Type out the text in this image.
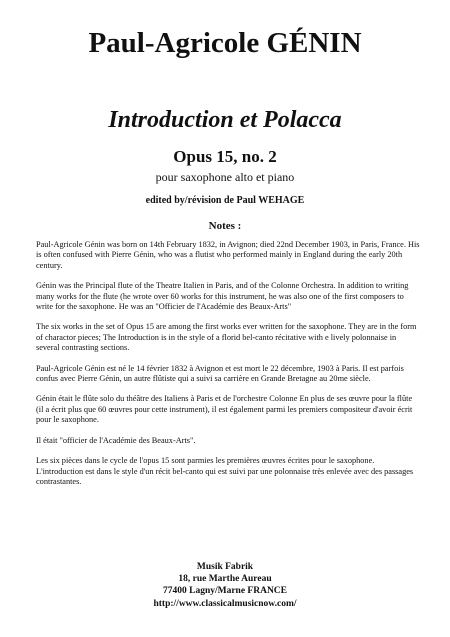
Paul-Agricole GÉNIN
Introduction et Polacca
Opus 15, no. 2
pour saxophone alto et piano
edited by/révision de Paul WEHAGE
Notes :

Paul-Agricole Génin was born on 14th February 1832, in Avignon; died 22nd December 1903, in Paris, France. His is often confused with Pierre Génin, who was a flutist who performed mainly in England during the early 20th century.

Génin was the Principal flute of the Theatre Italien in Paris, and of the Colonne Orchestra. In addition to writing many works for the flute (he wrote over 60 works for this instrument, he was also one of the first composers to write for the saxophone. He was an "Officier de l'Académie des Beaux-Arts"

The six works in the set of Opus 15 are among the first works ever written for the saxophone. They are in the form of charactor pieces; The Introduction is in the style of a florid bel-canto récitative with e lively polonnaise in several contrasting sections.

Paul-Agricole Génin est né le 14 février 1832 à Avignon et est mort le 22 décembre, 1903 à Paris. Il est parfois confus avec Pierre Génin, un autre flûtiste qui a suivi sa carrière en Grande Bretagne au 20me siècle.

Génin était le flûte solo du théâtre des Italiens à Paris et de l'orchestre Colonne En plus de ses œuvre pour la flûte (il a écrit plus que 60 œuvres pour cette instrument), il est également parmi les premiers compositeur d'avoir écrit pour le saxophone.

Il était "officier de l'Académie des Beaux-Arts".

Les six pièces dans le cycle de l'opus 15 sont parmies les premières œuvres écrites pour le saxophone. L'introduction est dans le style d'un récit bel-canto qui est suivi par une polonnaise très enlevée avec des passages contrastantes.

Musik Fabrik
18, rue Marthe Aureau
77400 Lagny/Marne FRANCE
http://www.classicalmusicnow.com/
